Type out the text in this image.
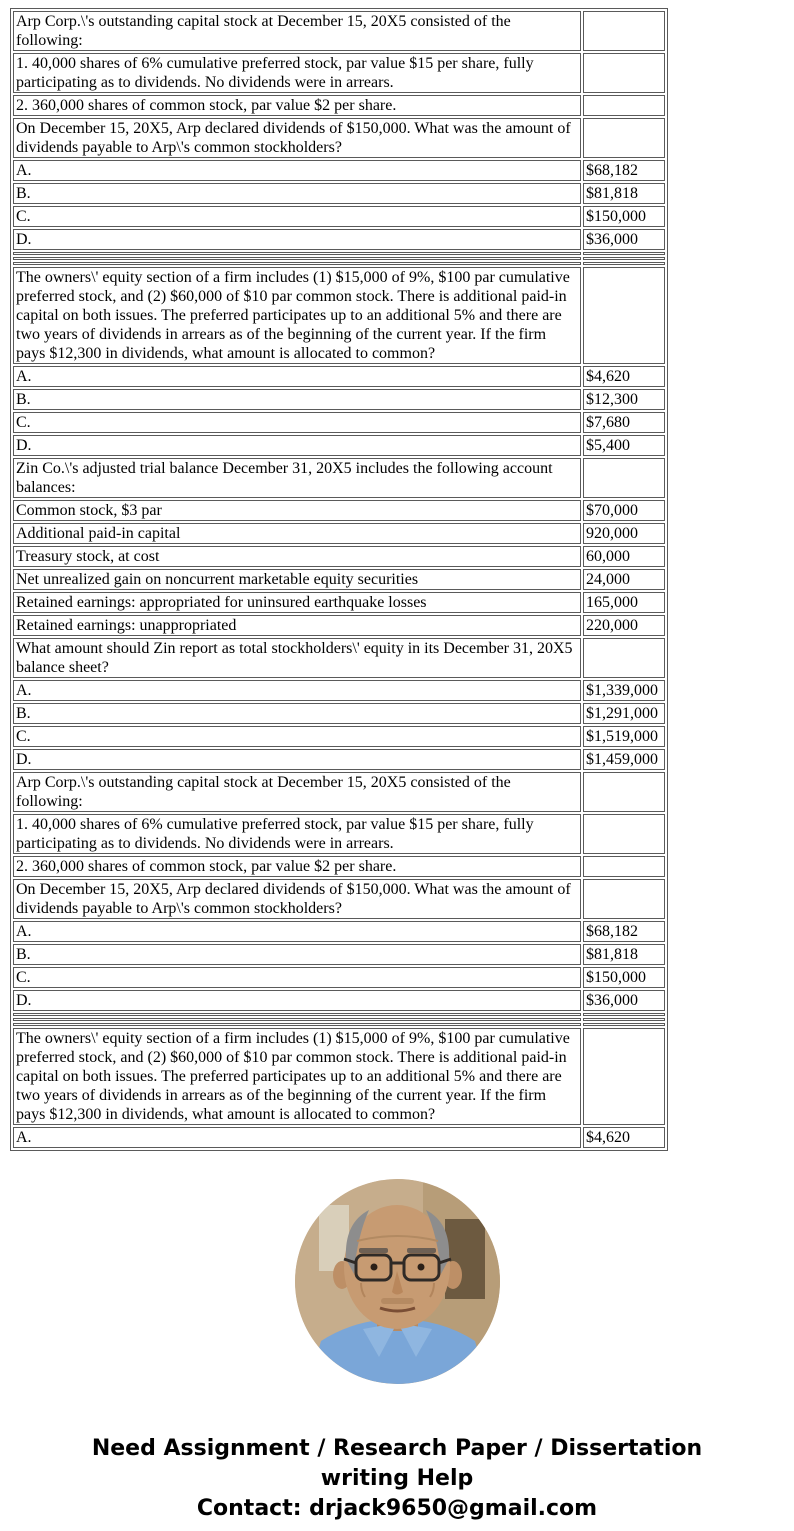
Arp Corp.\'s outstanding capital stock at December 15, 20X5 consisted of the following:	
1. 40,000 shares of 6% cumulative preferred stock, par value $15 per share, fully participating as to dividends. No dividends were in arrears.	
2. 360,000 shares of common stock, par value $2 per share.	
On December 15, 20X5, Arp declared dividends of $150,000. What was the amount of dividends payable to Arp\'s common stockholders?	
A.	$68,182
B.	$81,818
C.	$150,000
D.	$36,000

The owners\' equity section of a firm includes (1) $15,000 of 9%, $100 par cumulative preferred stock, and (2) $60,000 of $10 par common stock. There is additional paid-in capital on both issues. The preferred participates up to an additional 5% and there are two years of dividends in arrears as of the beginning of the current year. If the firm pays $12,300 in dividends, what amount is allocated to common?	
A.	$4,620
B.	$12,300
C.	$7,680
D.	$5,400
Zin Co.\'s adjusted trial balance December 31, 20X5 includes the following account balances:	
Common stock, $3 par	$70,000
Additional paid-in capital	920,000
Treasury stock, at cost	60,000
Net unrealized gain on noncurrent marketable equity securities	24,000
Retained earnings: appropriated for uninsured earthquake losses	165,000
Retained earnings: unappropriated	220,000
What amount should Zin report as total stockholders\' equity in its December 31, 20X5 balance sheet?	
A.	$1,339,000
B.	$1,291,000
C.	$1,519,000
D.	$1,459,000
Arp Corp.\'s outstanding capital stock at December 15, 20X5 consisted of the following:	
1. 40,000 shares of 6% cumulative preferred stock, par value $15 per share, fully participating as to dividends. No dividends were in arrears.	
2. 360,000 shares of common stock, par value $2 per share.	
On December 15, 20X5, Arp declared dividends of $150,000. What was the amount of dividends payable to Arp\'s common stockholders?	
A.	$68,182
B.	$81,818
C.	$150,000
D.	$36,000

The owners\' equity section of a firm includes (1) $15,000 of 9%, $100 par cumulative preferred stock, and (2) $60,000 of $10 par common stock. There is additional paid-in capital on both issues. The preferred participates up to an additional 5% and there are two years of dividends in arrears as of the beginning of the current year. If the firm pays $12,300 in dividends, what amount is allocated to common?	
A.	$4,620
Need Assignment / Research Paper / Dissertation
writing Help
Contact: drjack9650@gmail.com
